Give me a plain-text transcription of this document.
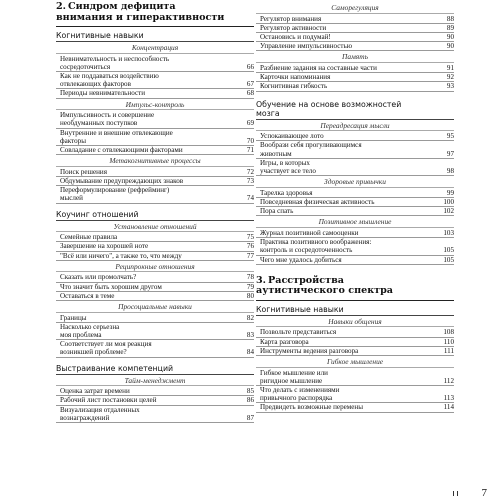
2. Синдром дефицита
внимания и гиперактивности
Когнитивные навыки
Концентрация
Невнимательность и неспособность
сосредоточиться	66
Как не поддаваться воздействию
отвлекающих факторов	67
Периоды невнимательности	68
Импульс-контроль
Импульсивность и совершение
необдуманных поступков	69
Внутренние и внешние отвлекающие
факторы	70
Совладание с отвлекающими факторами	71
Метакогнитивные процессы
Поиск решения	72
Обдумывание предупреждающих знаков	73
Переформулирование (рефрейминг)
мыслей	74
Коучинг отношений
Установление отношений
Семейные правила	75
Завершение на хорошей ноте	76
"Всё или ничего", а также то, что между	77
Реципрокные отношения
Сказать или промолчать?	78
Что значит быть хорошим другом	79
Оставаться в теме	80
Просоциальные навыки
Границы	82
Насколько серьезна
моя проблема	83
Соответствует ли моя реакция
возникшей проблеме?	84
Выстраивание компетенций
Тайм-менеджмент
Оценка затрат времени	85
Рабочий лист постановки целей	86
Визуализация отдаленных
вознаграждений	87
Саморегуляция
Регулятор внимания	88
Регулятор активности	89
Остановись и подумай!	90
Управление импульсивностью	90
Память
Разбиение задания на составные части	91
Карточки напоминания	92
Когнитивная гибкость	93
Обучение на основе возможностей
мозга
Переадресация мысли
Успокаивающее лото	95
Вообрази себя прогуливающимся
животным	97
Игры, в которых
участвует все тело	98
Здоровые привычки
Тарелка здоровья	99
Повседневная физическая активность	100
Пора спать	102
Позитивное мышление
Журнал позитивной самооценки	103
Практика позитивного воображения:
контроль и сосредоточенность	105
Чего мне удалось добиться	105
3. Расстройства
аутистического спектра
Когнитивные навыки
Навыки общения
Позвольте представиться	108
Карта разговора	110
Инструменты ведения разговора	111
Гибкое мышление
Гибкое мышление или
ригидное мышление	112
Что делать с изменениями
привычного распорядка	113
Предвидеть возможные перемены	114
7
